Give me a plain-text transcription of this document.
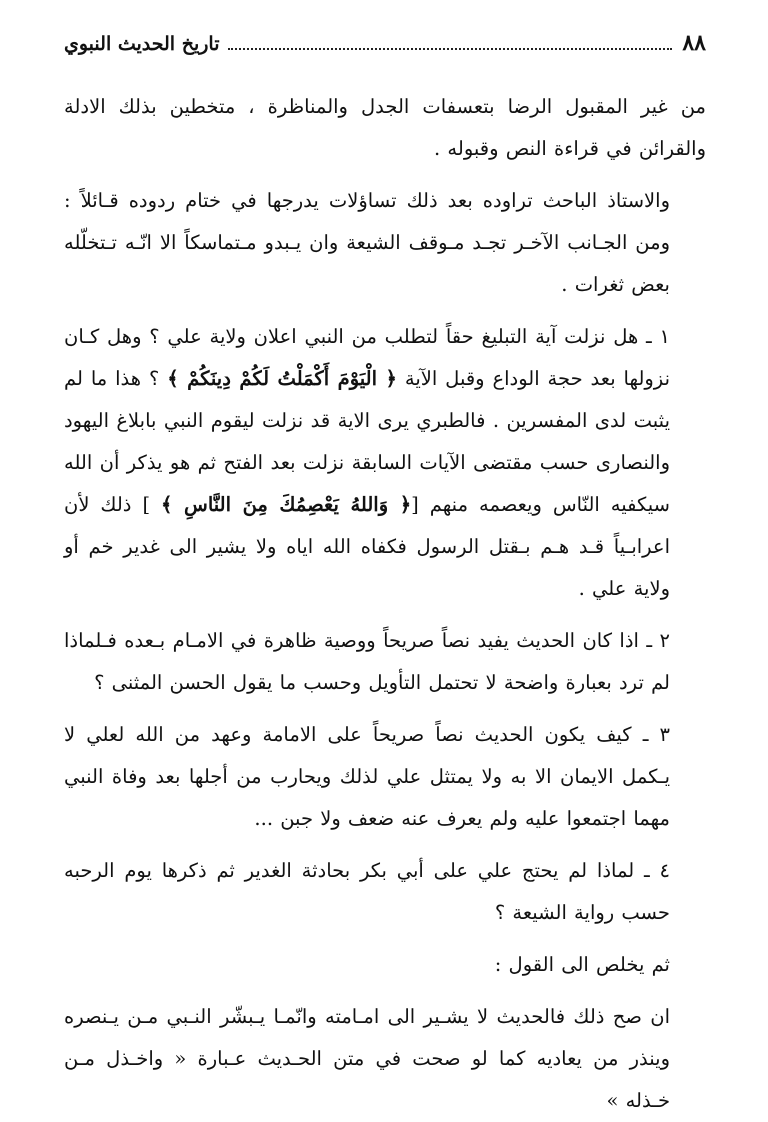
٨٨
تاريخ الحديث النبوي

من غير المقبول الرضا بتعسفات الجدل والمناظرة ، متخطين بذلك الادلة والقرائن في قراءة النص وقبوله .

والاستاذ الباحث تراوده بعد ذلك تساؤلات يدرجها في ختام ردوده قـائلاً : ومن الجـانب الآخـر تجـد مـوقف الشيعة وان يـبدو مـتماسكاً الا انّـه تـتخلّله بعض ثغرات .

١ ـ هل نزلت آية التبليغ حقاً لتطلب من النبي اعلان ولاية علي ؟ وهل كـان نزولها بعد حجة الوداع وقبل الآية ﴿ الْيَوْمَ أَكْمَلْتُ لَكُمْ دِينَكُمْ ﴾ ؟ هذا ما لم يثبت لدى المفسرين . فالطبري يرى الاية قد نزلت ليقوم النبي بابلاغ اليهود والنصارى حسب مقتضى الآيات السابقة نزلت بعد الفتح ثم هو يذكر أن الله سيكفيه النّاس ويعصمه منهم [﴿ وَاللهُ يَعْصِمُكَ مِنَ النَّاسِ ﴾ ] ذلك لأن اعرابـياً قـد هـم بـقتل الرسول فكفاه الله اياه ولا يشير الى غدير خم أو ولاية علي .

٢ ـ اذا كان الحديث يفيد نصاً صريحاً ووصية ظاهرة في الامـام بـعده فـلماذا لم ترد بعبارة واضحة لا تحتمل التأويل وحسب ما يقول الحسن المثنى ؟

٣ ـ كيف يكون الحديث نصاً صريحاً على الامامة وعهد من الله لعلي لا يـكمل الايمان الا به ولا يمتثل علي لذلك ويحارب من أجلها بعد وفاة النبي مهما اجتمعوا عليه ولم يعرف عنه ضعف ولا جبن ...

٤ ـ لماذا لم يحتج علي على أبي بكر بحادثة الغدير ثم ذكرها يوم الرحبه حسب رواية الشيعة ؟

ثم يخلص الى القول :

ان صح ذلك فالحديث لا يشـير الى امـامته وانّمـا يـبشّر النـبي مـن يـنصره وينذر من يعاديه كما لو صحت في متن الحـديث عـبارة « واخـذل مـن خـذله »
